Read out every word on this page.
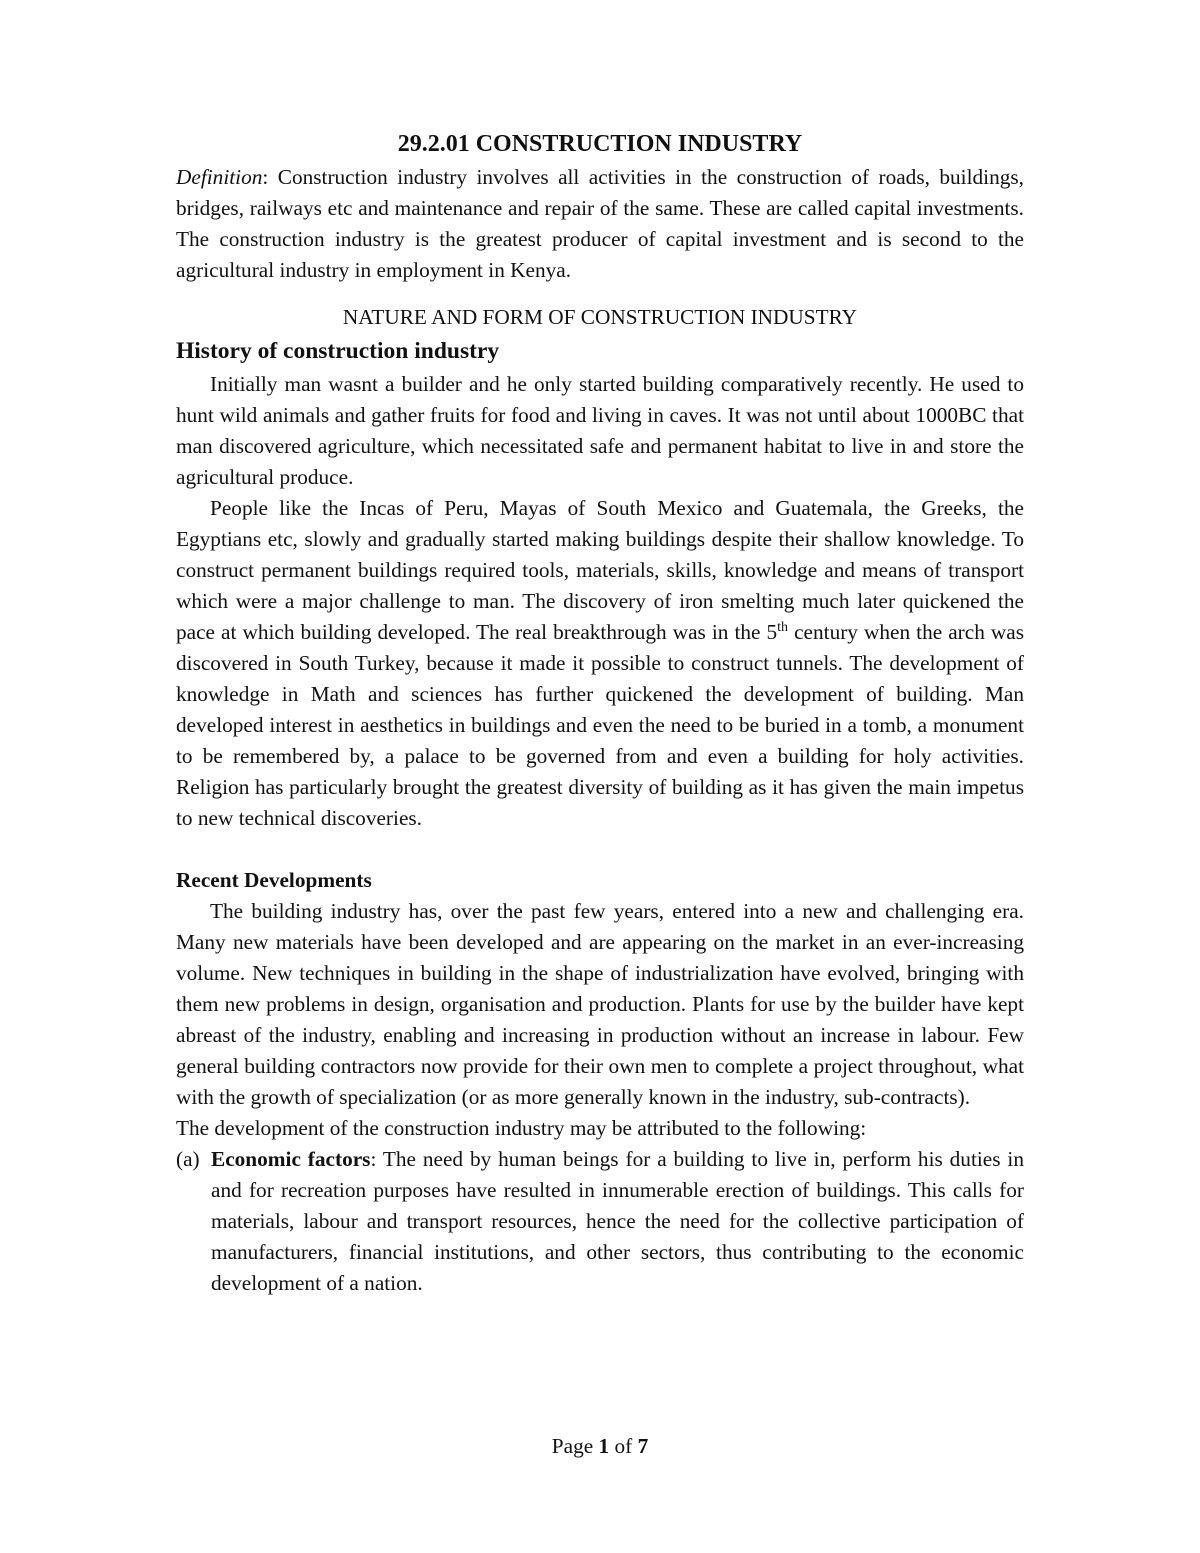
29.2.01 CONSTRUCTION INDUSTRY

Definition: Construction industry involves all activities in the construction of roads, buildings, bridges, railways etc and maintenance and repair of the same. These are called capital investments. The construction industry is the greatest producer of capital investment and is second to the agricultural industry in employment in Kenya.

NATURE AND FORM OF CONSTRUCTION INDUSTRY
History of construction industry

Initially man wasnt a builder and he only started building comparatively recently. He used to hunt wild animals and gather fruits for food and living in caves. It was not until about 1000BC that man discovered agriculture, which necessitated safe and permanent habitat to live in and store the agricultural produce.

People like the Incas of Peru, Mayas of South Mexico and Guatemala, the Greeks, the Egyptians etc, slowly and gradually started making buildings despite their shallow knowledge. To construct permanent buildings required tools, materials, skills, knowledge and means of transport which were a major challenge to man. The discovery of iron smelting much later quickened the pace at which building developed. The real breakthrough was in the 5th century when the arch was discovered in South Turkey, because it made it possible to construct tunnels. The development of knowledge in Math and sciences has further quickened the development of building. Man developed interest in aesthetics in buildings and even the need to be buried in a tomb, a monument to be remembered by, a palace to be governed from and even a building for holy activities. Religion has particularly brought the greatest diversity of building as it has given the main impetus to new technical discoveries.

Recent Developments

The building industry has, over the past few years, entered into a new and challenging era. Many new materials have been developed and are appearing on the market in an ever-increasing volume. New techniques in building in the shape of industrialization have evolved, bringing with them new problems in design, organisation and production. Plants for use by the builder have kept abreast of the industry, enabling and increasing in production without an increase in labour. Few general building contractors now provide for their own men to complete a project throughout, what with the growth of specialization (or as more generally known in the industry, sub-contracts).

The development of the construction industry may be attributed to the following:

(a) Economic factors: The need by human beings for a building to live in, perform his duties in and for recreation purposes have resulted in innumerable erection of buildings. This calls for materials, labour and transport resources, hence the need for the collective participation of manufacturers, financial institutions, and other sectors, thus contributing to the economic development of a nation.
Page 1 of 7
